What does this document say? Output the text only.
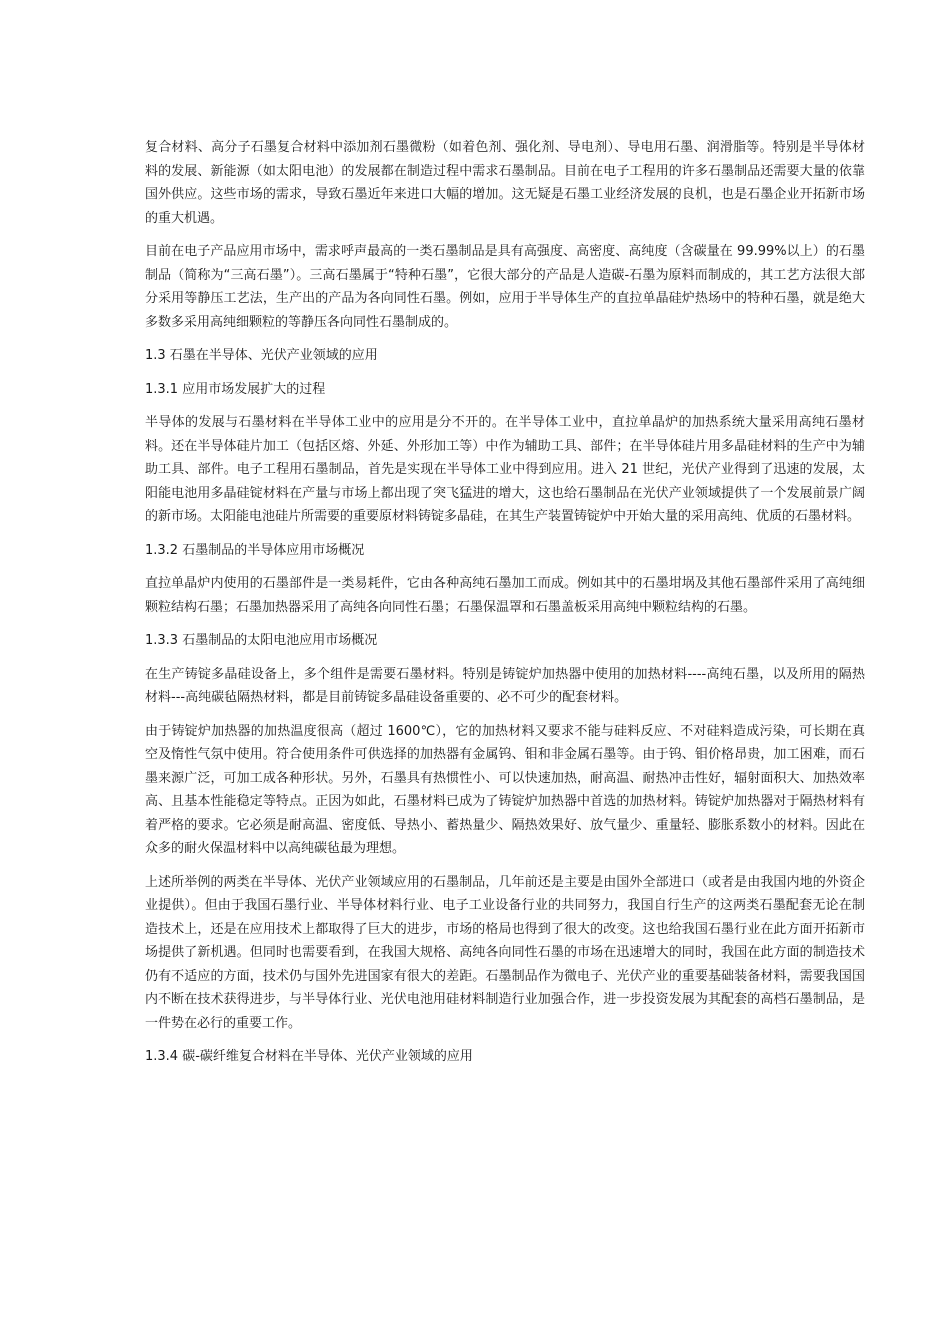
复合材料、高分子石墨复合材料中添加剂石墨微粉（如着色剂、强化剂、导电剂）、导电用石墨、润滑脂等。特别是半导体材料的发展、新能源（如太阳电池）的发展都在制造过程中需求石墨制品。目前在电子工程用的许多石墨制品还需要大量的依靠国外供应。这些市场的需求，导致石墨近年来进口大幅的增加。这无疑是石墨工业经济发展的良机，也是石墨企业开拓新市场的重大机遇。

目前在电子产品应用市场中，需求呼声最高的一类石墨制品是具有高强度、高密度、高纯度（含碳量在 99.99%以上）的石墨制品（简称为“三高石墨”）。三高石墨属于“特种石墨”，它很大部分的产品是人造碳-石墨为原料而制成的，其工艺方法很大部分采用等静压工艺法，生产出的产品为各向同性石墨。例如，应用于半导体生产的直拉单晶硅炉热场中的特种石墨，就是绝大多数多采用高纯细颗粒的等静压各向同性石墨制成的。

1.3 石墨在半导体、光伏产业领域的应用

1.3.1 应用市场发展扩大的过程

半导体的发展与石墨材料在半导体工业中的应用是分不开的。在半导体工业中，直拉单晶炉的加热系统大量采用高纯石墨材料。还在半导体硅片加工（包括区熔、外延、外形加工等）中作为辅助工具、部件；在半导体硅片用多晶硅材料的生产中为辅助工具、部件。电子工程用石墨制品，首先是实现在半导体工业中得到应用。进入 21 世纪，光伏产业得到了迅速的发展，太阳能电池用多晶硅锭材料在产量与市场上都出现了突飞猛进的增大，这也给石墨制品在光伏产业领域提供了一个发展前景广阔的新市场。太阳能电池硅片所需要的重要原材料铸锭多晶硅，在其生产装置铸锭炉中开始大量的采用高纯、优质的石墨材料。

1.3.2 石墨制品的半导体应用市场概况

直拉单晶炉内使用的石墨部件是一类易耗件，它由各种高纯石墨加工而成。例如其中的石墨坩埚及其他石墨部件采用了高纯细颗粒结构石墨；石墨加热器采用了高纯各向同性石墨；石墨保温罩和石墨盖板采用高纯中颗粒结构的石墨。

1.3.3 石墨制品的太阳电池应用市场概况

在生产铸锭多晶硅设备上，多个组件是需要石墨材料。特别是铸锭炉加热器中使用的加热材料----高纯石墨，以及所用的隔热材料---高纯碳毡隔热材料，都是目前铸锭多晶硅设备重要的、必不可少的配套材料。

由于铸锭炉加热器的加热温度很高（超过 1600℃），它的加热材料又要求不能与硅料反应、不对硅料造成污染，可长期在真空及惰性气氛中使用。符合使用条件可供选择的加热器有金属钨、钼和非金属石墨等。由于钨、钼价格昂贵，加工困难，而石墨来源广泛，可加工成各种形状。另外，石墨具有热惯性小、可以快速加热，耐高温、耐热冲击性好，辐射面积大、加热效率高、且基本性能稳定等特点。正因为如此，石墨材料已成为了铸锭炉加热器中首选的加热材料。铸锭炉加热器对于隔热材料有着严格的要求。它必须是耐高温、密度低、导热小、蓄热量少、隔热效果好、放气量少、重量轻、膨胀系数小的材料。因此在众多的耐火保温材料中以高纯碳毡最为理想。

上述所举例的两类在半导体、光伏产业领域应用的石墨制品，几年前还是主要是由国外全部进口（或者是由我国内地的外资企业提供）。但由于我国石墨行业、半导体材料行业、电子工业设备行业的共同努力，我国自行生产的这两类石墨配套无论在制造技术上，还是在应用技术上都取得了巨大的进步，市场的格局也得到了很大的改变。这也给我国石墨行业在此方面开拓新市场提供了新机遇。但同时也需要看到，在我国大规格、高纯各向同性石墨的市场在迅速增大的同时，我国在此方面的制造技术仍有不适应的方面，技术仍与国外先进国家有很大的差距。石墨制品作为微电子、光伏产业的重要基础装备材料，需要我国国内不断在技术获得进步，与半导体行业、光伏电池用硅材料制造行业加强合作，进一步投资发展为其配套的高档石墨制品，是一件势在必行的重要工作。

1.3.4 碳-碳纤维复合材料在半导体、光伏产业领域的应用
